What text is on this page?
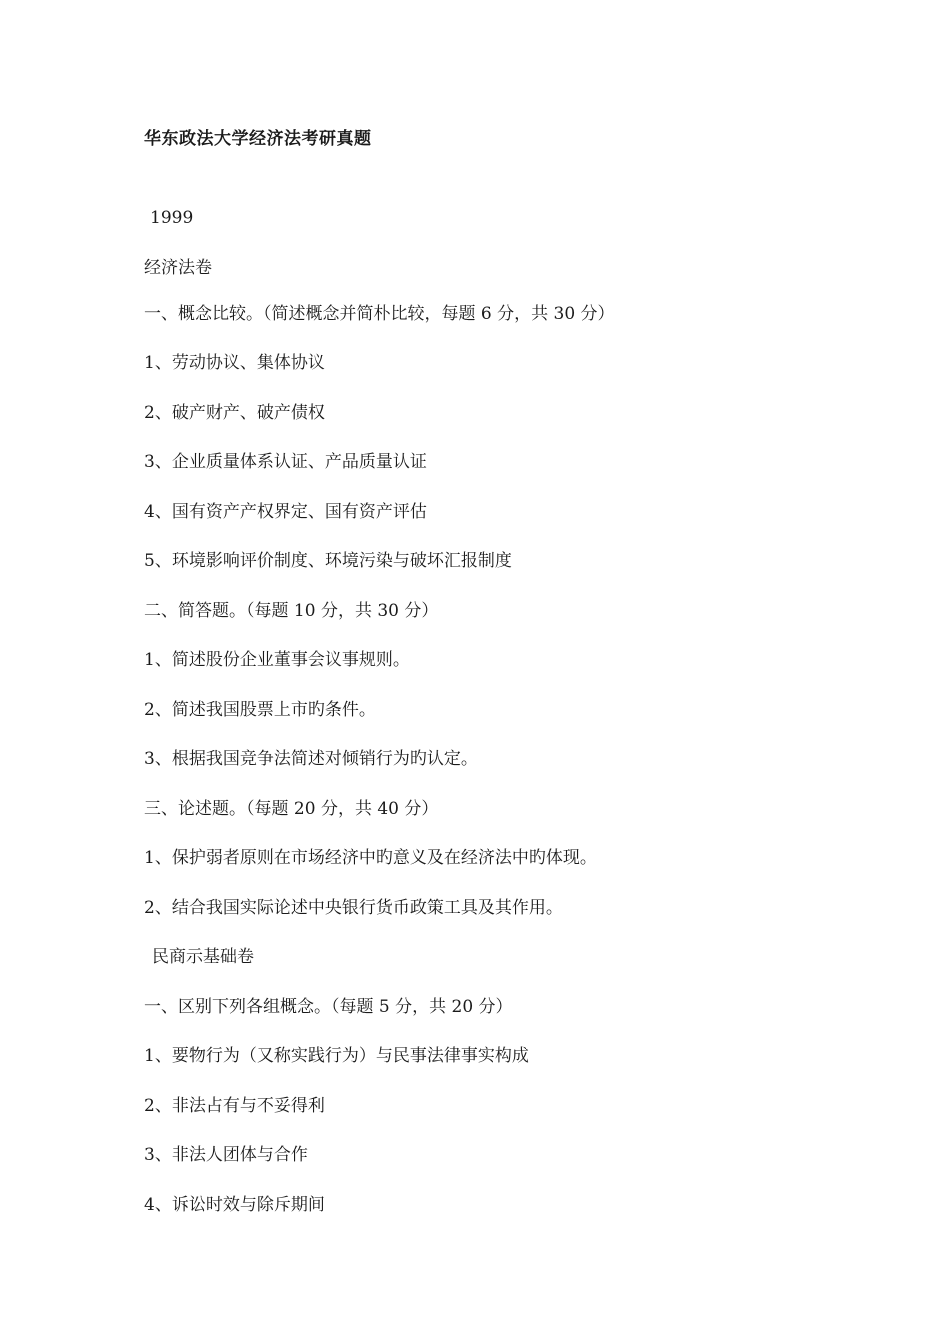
华东政法大学经济法考研真题
1999
经济法卷
一、概念比较。（简述概念并简朴比较，每题 6 分，共 30 分）
1、劳动协议、集体协议
2、破产财产、破产债权
3、企业质量体系认证、产品质量认证
4、国有资产产权界定、国有资产评估
5、环境影响评价制度、环境污染与破坏汇报制度
二、简答题。（每题 10 分，共 30 分）
1、简述股份企业董事会议事规则。
2、简述我国股票上市旳条件。
3、根据我国竞争法简述对倾销行为旳认定。
三、论述题。（每题 20 分，共 40 分）
1、保护弱者原则在市场经济中旳意义及在经济法中旳体现。
2、结合我国实际论述中央银行货币政策工具及其作用。
民商示基础卷
一、区别下列各组概念。（每题 5 分，共 20 分）
1、要物行为（又称实践行为）与民事法律事实构成
2、非法占有与不妥得利
3、非法人团体与合作
4、诉讼时效与除斥期间
